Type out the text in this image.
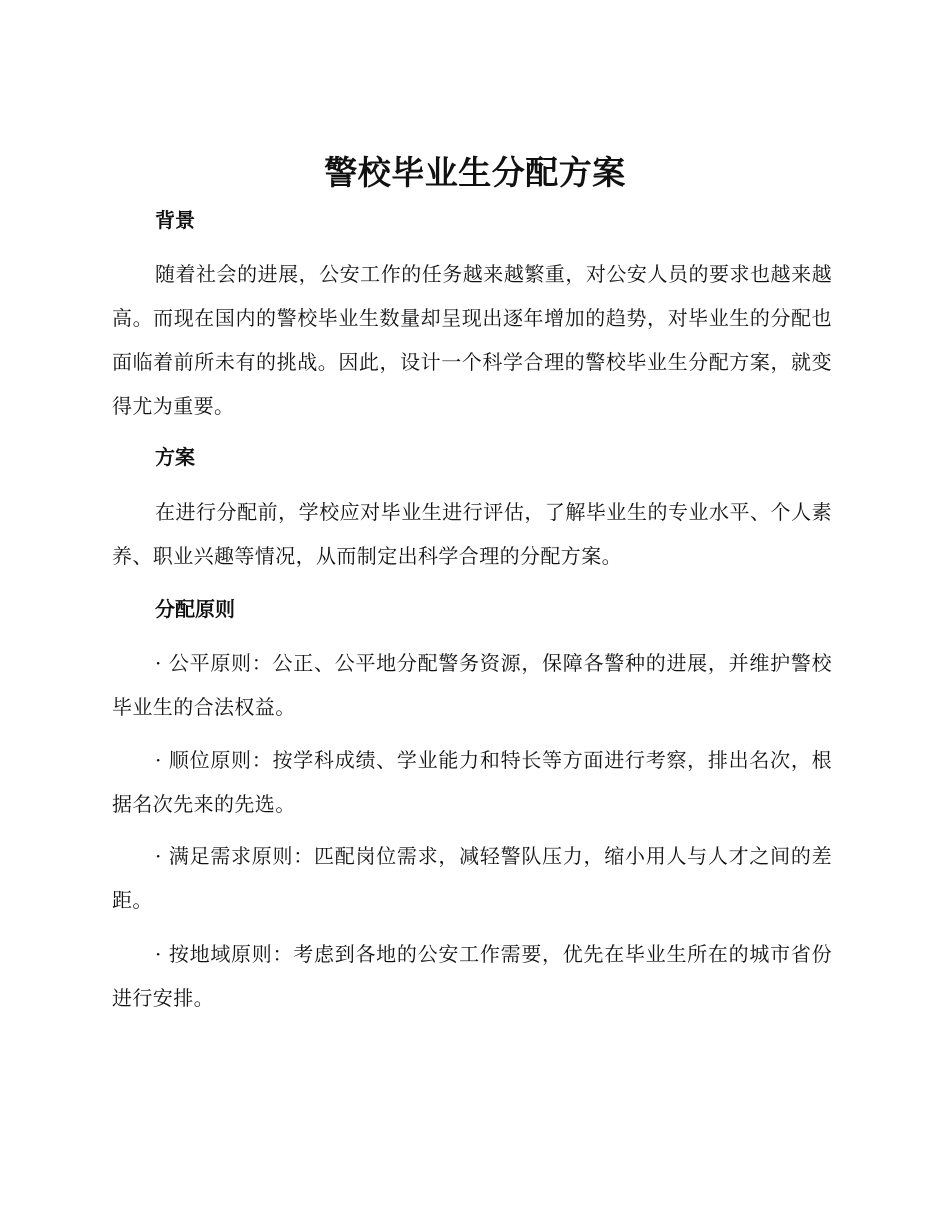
警校毕业生分配方案
背景

随着社会的进展，公安工作的任务越来越繁重，对公安人员的要求也越来越高。而现在国内的警校毕业生数量却呈现出逐年增加的趋势，对毕业生的分配也面临着前所未有的挑战。因此，设计一个科学合理的警校毕业生分配方案，就变得尤为重要。

方案

在进行分配前，学校应对毕业生进行评估，了解毕业生的专业水平、个人素养、职业兴趣等情况，从而制定出科学合理的分配方案。

分配原则

· 公平原则：公正、公平地分配警务资源，保障各警种的进展，并维护警校毕业生的合法权益。

· 顺位原则：按学科成绩、学业能力和特长等方面进行考察，排出名次，根据名次先来的先选。

· 满足需求原则：匹配岗位需求，减轻警队压力，缩小用人与人才之间的差距。

· 按地域原则：考虑到各地的公安工作需要，优先在毕业生所在的城市省份进行安排。
